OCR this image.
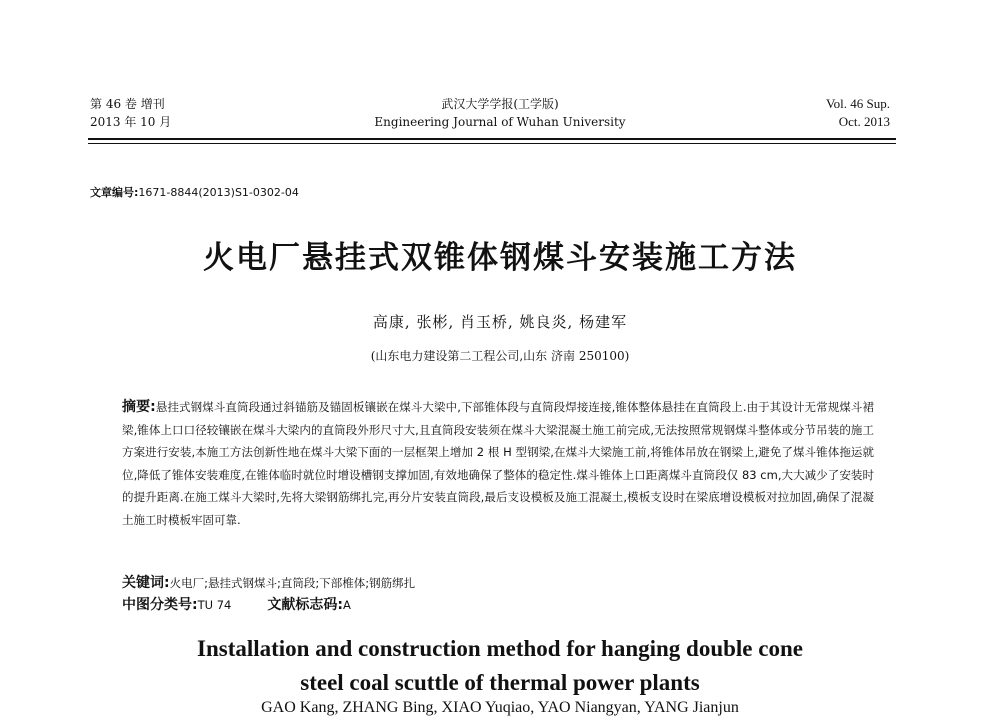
第 46 卷 增刊
2013 年 10 月
武汉大学学报(工学版)
Engineering Journal of Wuhan University
Vol. 46 Sup.
Oct. 2013
文章编号:1671-8844(2013)S1-0302-04
火电厂悬挂式双锥体钢煤斗安装施工方法
高康, 张彬, 肖玉桥, 姚良炎, 杨建军
(山东电力建设第二工程公司,山东 济南 250100)
摘要:悬挂式钢煤斗直筒段通过斜锚筋及锚固板镶嵌在煤斗大梁中,下部锥体段与直筒段焊接连接,锥体整体悬挂在直筒段上.由于其设计无常规煤斗裙梁,锥体上口口径较镶嵌在煤斗大梁内的直筒段外形尺寸大,且直筒段安装须在煤斗大梁混凝土施工前完成,无法按照常规钢煤斗整体或分节吊装的施工方案进行安装,本施工方法创新性地在煤斗大梁下面的一层框架上增加 2 根 H 型钢梁,在煤斗大梁施工前,将锥体吊放在钢梁上,避免了煤斗锥体拖运就位,降低了锥体安装难度,在锥体临时就位时增设槽钢支撑加固,有效地确保了整体的稳定性.煤斗锥体上口距离煤斗直筒段仅 83 cm,大大减少了安装时的提升距离.在施工煤斗大梁时,先将大梁钢筋绑扎完,再分片安装直筒段,最后支设模板及施工混凝土,模板支设时在梁底增设模板对拉加固,确保了混凝土施工时模板牢固可靠.
关键词:火电厂;悬挂式钢煤斗;直筒段;下部椎体;钢筋绑扎
中图分类号:TU 74	文献标志码:A
Installation and construction method for hanging double cone
steel coal scuttle of thermal power plants
GAO Kang, ZHANG Bing, XIAO Yuqiao, YAO Niangyan, YANG Jianjun
